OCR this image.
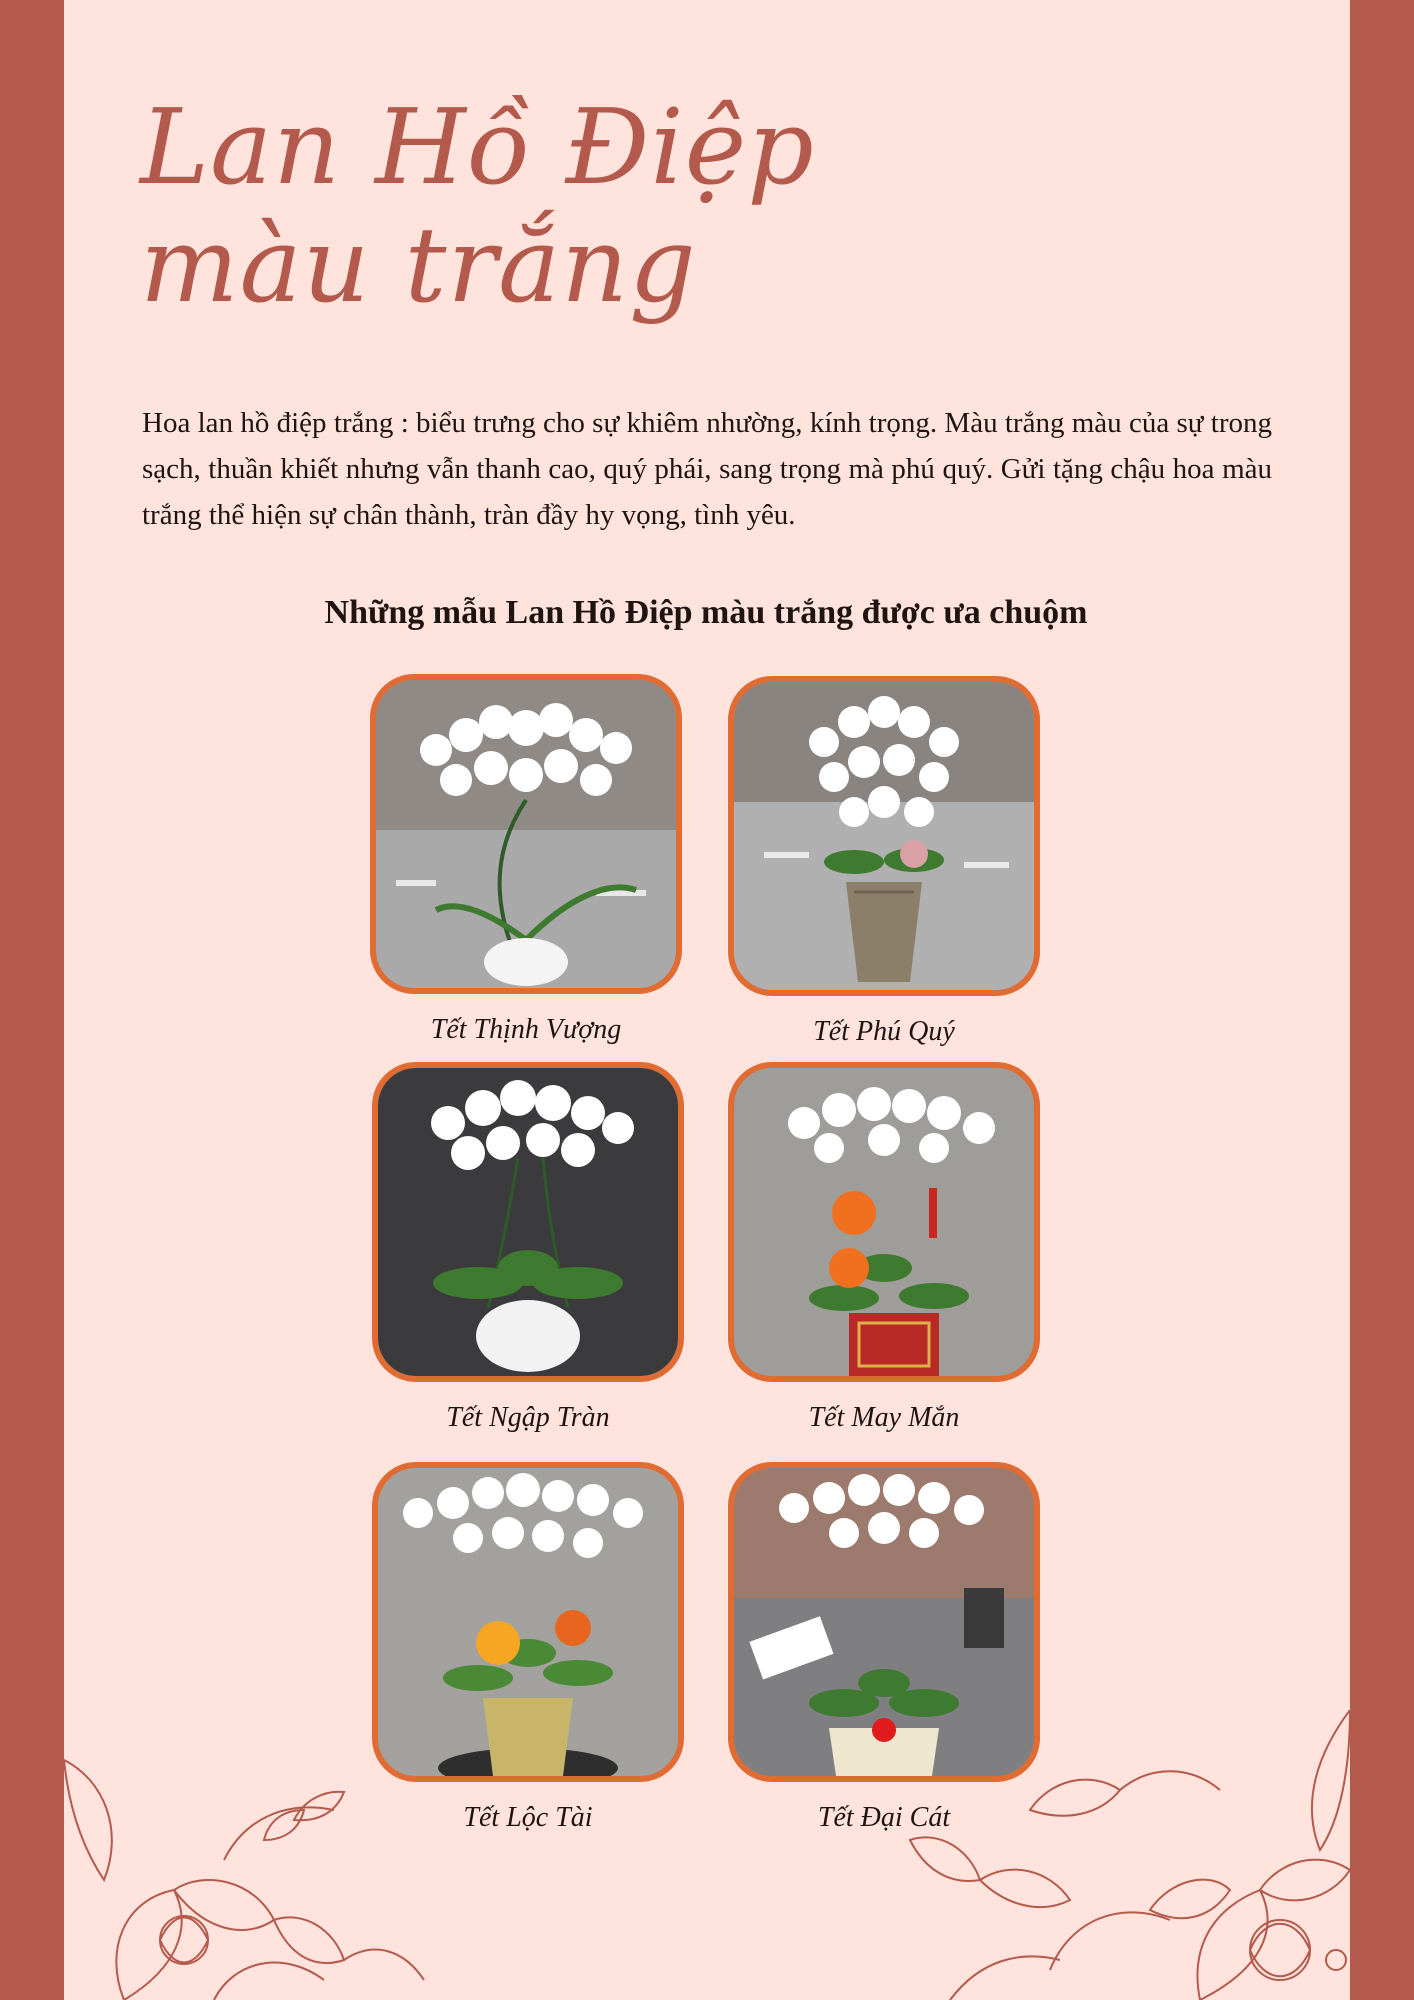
Lan Hồ Điệp
màu trắng

Hoa lan hồ điệp trắng : biểu trưng cho sự khiêm nhường, kính trọng. Màu trắng màu của sự trong sạch, thuần khiết nhưng vẫn thanh cao, quý phái, sang trọng mà phú quý. Gửi tặng chậu hoa màu trắng thể hiện sự chân thành, tràn đầy hy vọng, tình yêu.

Những mẫu Lan Hồ Điệp màu trắng được ưa chuộm
Tết Thịnh Vượng	Tết Phú Quý
Tết Ngập Tràn	Tết May Mắn
Tết Lộc Tài	Tết Đại Cát
